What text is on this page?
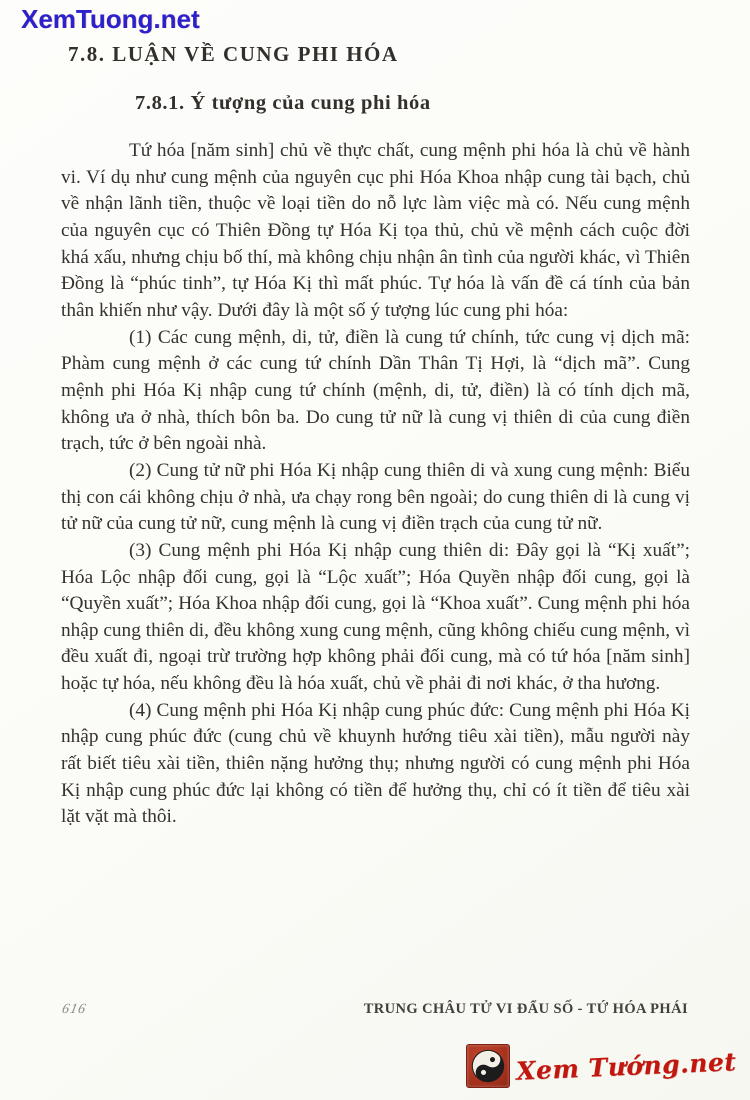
XemTuong.net
7.8. LUẬN VỀ CUNG PHI HÓA
7.8.1. Ý tượng của cung phi hóa

Tứ hóa [năm sinh] chủ về thực chất, cung mệnh phi hóa là chủ về hành vi. Ví dụ như cung mệnh của nguyên cục phi Hóa Khoa nhập cung tài bạch, chủ về nhận lãnh tiền, thuộc về loại tiền do nỗ lực làm việc mà có. Nếu cung mệnh của nguyên cục có Thiên Đồng tự Hóa Kị tọa thủ, chủ về mệnh cách cuộc đời khá xấu, nhưng chịu bố thí, mà không chịu nhận ân tình của người khác, vì Thiên Đồng là “phúc tinh”, tự Hóa Kị thì mất phúc. Tự hóa là vấn đề cá tính của bản thân khiến như vậy. Dưới đây là một số ý tượng lúc cung phi hóa:

(1) Các cung mệnh, di, tử, điền là cung tứ chính, tức cung vị dịch mã: Phàm cung mệnh ở các cung tứ chính Dần Thân Tị Hợi, là “dịch mã”. Cung mệnh phi Hóa Kị nhập cung tứ chính (mệnh, di, tử, điền) là có tính dịch mã, không ưa ở nhà, thích bôn ba. Do cung tử nữ là cung vị thiên di của cung điền trạch, tức ở bên ngoài nhà.

(2) Cung tử nữ phi Hóa Kị nhập cung thiên di và xung cung mệnh: Biểu thị con cái không chịu ở nhà, ưa chạy rong bên ngoài; do cung thiên di là cung vị tử nữ của cung tử nữ, cung mệnh là cung vị điền trạch của cung tử nữ.

(3) Cung mệnh phi Hóa Kị nhập cung thiên di: Đây gọi là “Kị xuất”; Hóa Lộc nhập đối cung, gọi là “Lộc xuất”; Hóa Quyền nhập đối cung, gọi là “Quyền xuất”; Hóa Khoa nhập đối cung, gọi là “Khoa xuất”. Cung mệnh phi hóa nhập cung thiên di, đều không xung cung mệnh, cũng không chiếu cung mệnh, vì đều xuất đi, ngoại trừ trường hợp không phải đối cung, mà có tứ hóa [năm sinh] hoặc tự hóa, nếu không đều là hóa xuất, chủ về phải đi nơi khác, ở tha hương.

(4) Cung mệnh phi Hóa Kị nhập cung phúc đức: Cung mệnh phi Hóa Kị nhập cung phúc đức (cung chủ về khuynh hướng tiêu xài tiền), mẫu người này rất biết tiêu xài tiền, thiên nặng hưởng thụ; nhưng người có cung mệnh phi Hóa Kị nhập cung phúc đức lại không có tiền để hưởng thụ, chỉ có ít tiền để tiêu xài lặt vặt mà thôi.

616	TRUNG CHÂU TỬ VI ĐẨU SỐ - TỨ HÓA PHÁI
Xem Tướng.net
